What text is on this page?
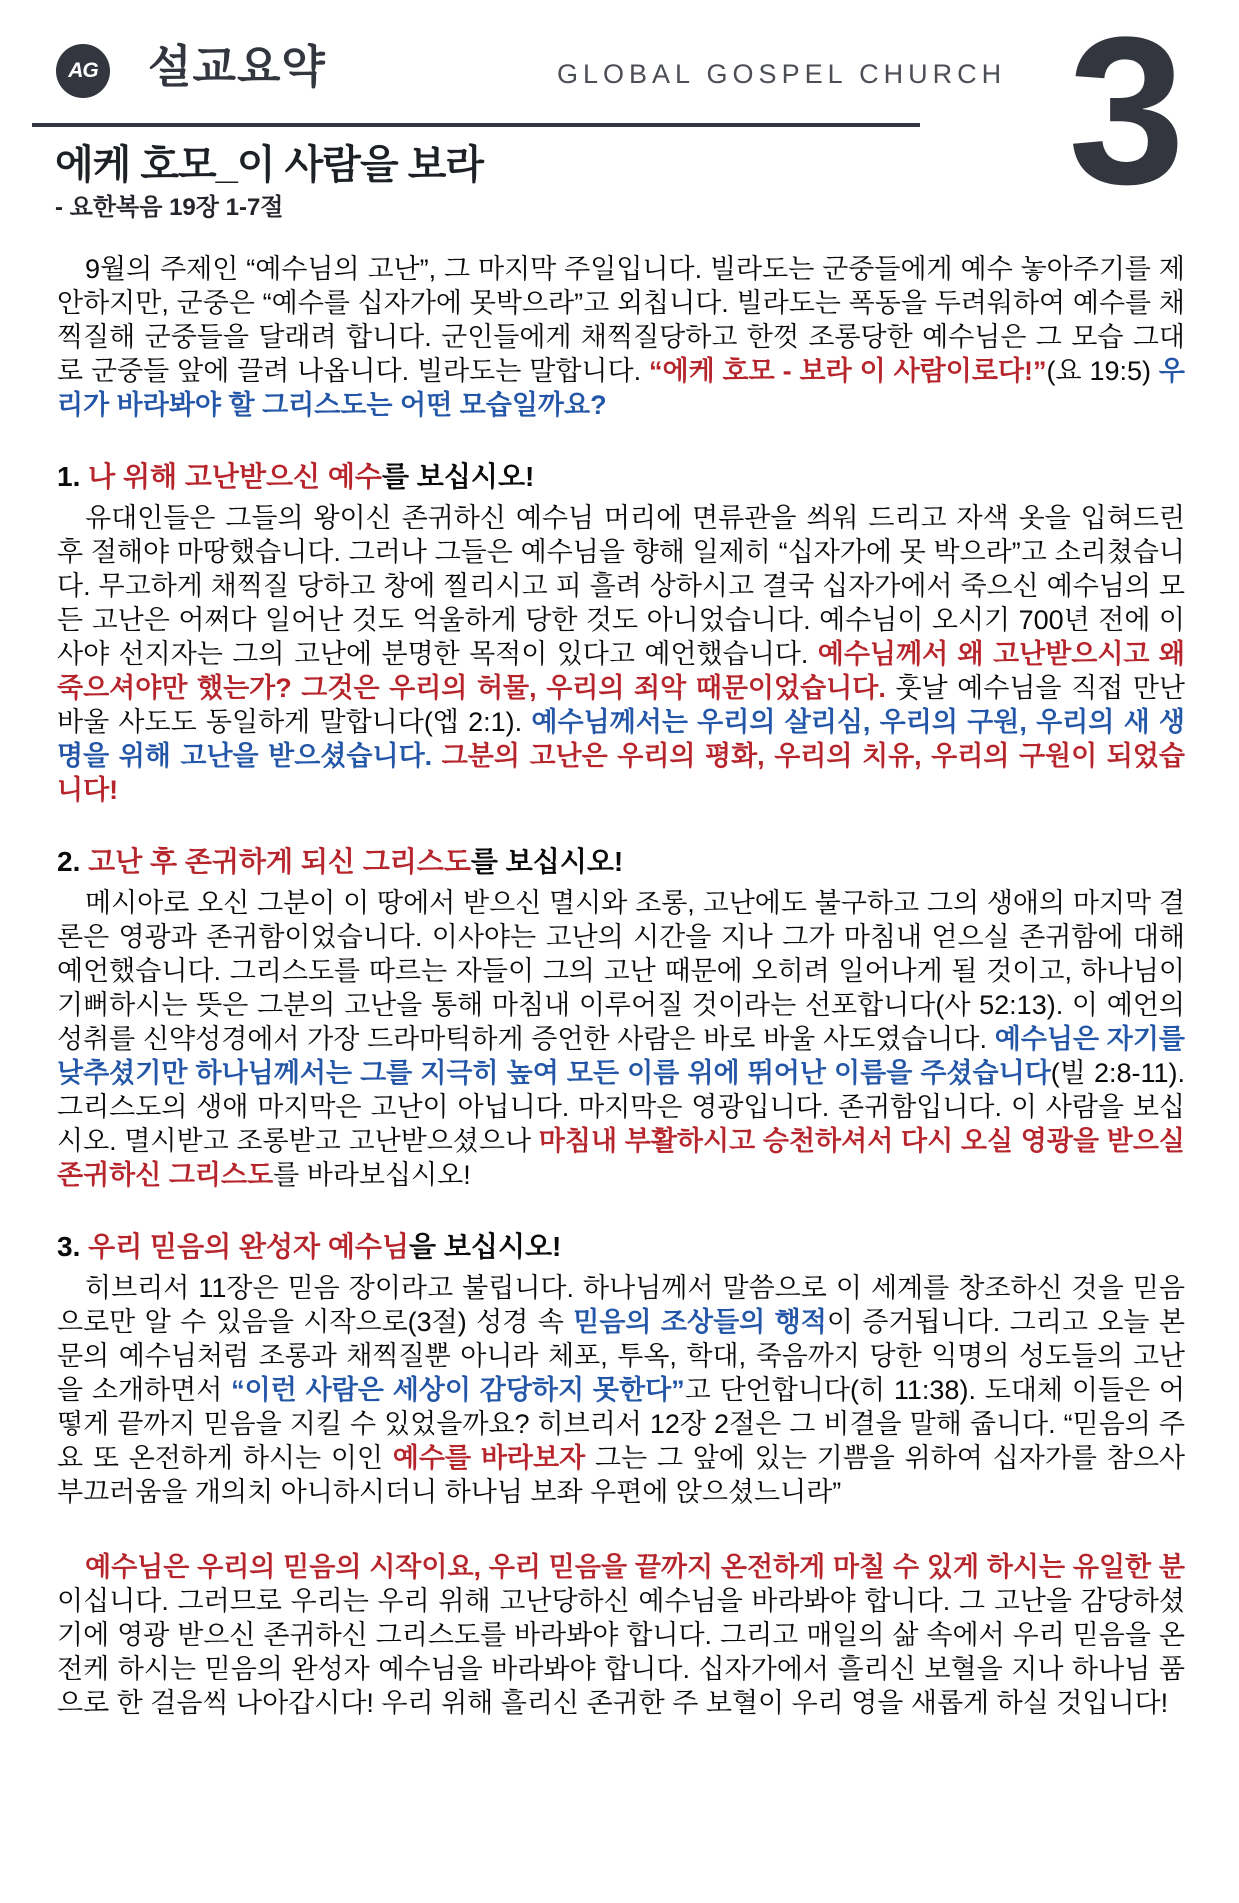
AG 설교요약	GLOBAL GOSPEL CHURCH 3
에케 호모_이 사람을 보라
- 요한복음 19장 1-7절

9월의 주제인 “예수님의 고난”, 그 마지막 주일입니다. 빌라도는 군중들에게 예수 놓아주기를 제안하지만, 군중은 “예수를 십자가에 못박으라”고 외칩니다. 빌라도는 폭동을 두려워하여 예수를 채찍질해 군중들을 달래려 합니다. 군인들에게 채찍질당하고 한껏 조롱당한 예수님은 그 모습 그대로 군중들 앞에 끌려 나옵니다. 빌라도는 말합니다. “에케 호모 - 보라 이 사람이로다!”(요 19:5) 우리가 바라봐야 할 그리스도는 어떤 모습일까요?

1. 나 위해 고난받으신 예수를 보십시오!

유대인들은 그들의 왕이신 존귀하신 예수님 머리에 면류관을 씌워 드리고 자색 옷을 입혀드린 후 절해야 마땅했습니다. 그러나 그들은 예수님을 향해 일제히 “십자가에 못 박으라”고 소리쳤습니다. 무고하게 채찍질 당하고 창에 찔리시고 피 흘려 상하시고 결국 십자가에서 죽으신 예수님의 모든 고난은 어쩌다 일어난 것도 억울하게 당한 것도 아니었습니다. 예수님이 오시기 700년 전에 이사야 선지자는 그의 고난에 분명한 목적이 있다고 예언했습니다. 예수님께서 왜 고난받으시고 왜 죽으셔야만 했는가? 그것은 우리의 허물, 우리의 죄악 때문이었습니다. 훗날 예수님을 직접 만난 바울 사도도 동일하게 말합니다(엡 2:1). 예수님께서는 우리의 살리심, 우리의 구원, 우리의 새 생명을 위해 고난을 받으셨습니다. 그분의 고난은 우리의 평화, 우리의 치유, 우리의 구원이 되었습니다!

2. 고난 후 존귀하게 되신 그리스도를 보십시오!

메시아로 오신 그분이 이 땅에서 받으신 멸시와 조롱, 고난에도 불구하고 그의 생애의 마지막 결론은 영광과 존귀함이었습니다. 이사야는 고난의 시간을 지나 그가 마침내 얻으실 존귀함에 대해 예언했습니다. 그리스도를 따르는 자들이 그의 고난 때문에 오히려 일어나게 될 것이고, 하나님이 기뻐하시는 뜻은 그분의 고난을 통해 마침내 이루어질 것이라는 선포합니다(사 52:13). 이 예언의 성취를 신약성경에서 가장 드라마틱하게 증언한 사람은 바로 바울 사도였습니다. 예수님은 자기를 낮추셨기만 하나님께서는 그를 지극히 높여 모든 이름 위에 뛰어난 이름을 주셨습니다(빌 2:8-11). 그리스도의 생애 마지막은 고난이 아닙니다. 마지막은 영광입니다. 존귀함입니다. 이 사람을 보십시오. 멸시받고 조롱받고 고난받으셨으나 마침내 부활하시고 승천하셔서 다시 오실 영광을 받으실 존귀하신 그리스도를 바라보십시오!

3. 우리 믿음의 완성자 예수님을 보십시오!

히브리서 11장은 믿음 장이라고 불립니다. 하나님께서 말씀으로 이 세계를 창조하신 것을 믿음으로만 알 수 있음을 시작으로(3절) 성경 속 믿음의 조상들의 행적이 증거됩니다. 그리고 오늘 본문의 예수님처럼 조롱과 채찍질뿐 아니라 체포, 투옥, 학대, 죽음까지 당한 익명의 성도들의 고난을 소개하면서 “이런 사람은 세상이 감당하지 못한다”고 단언합니다(히 11:38). 도대체 이들은 어떻게 끝까지 믿음을 지킬 수 있었을까요? 히브리서 12장 2절은 그 비결을 말해 줍니다. “믿음의 주요 또 온전하게 하시는 이인 예수를 바라보자 그는 그 앞에 있는 기쁨을 위하여 십자가를 참으사 부끄러움을 개의치 아니하시더니 하나님 보좌 우편에 앉으셨느니라”

예수님은 우리의 믿음의 시작이요, 우리 믿음을 끝까지 온전하게 마칠 수 있게 하시는 유일한 분이십니다. 그러므로 우리는 우리 위해 고난당하신 예수님을 바라봐야 합니다. 그 고난을 감당하셨기에 영광 받으신 존귀하신 그리스도를 바라봐야 합니다. 그리고 매일의 삶 속에서 우리 믿음을 온전케 하시는 믿음의 완성자 예수님을 바라봐야 합니다. 십자가에서 흘리신 보혈을 지나 하나님 품으로 한 걸음씩 나아갑시다! 우리 위해 흘리신 존귀한 주 보혈이 우리 영을 새롭게 하실 것입니다!
